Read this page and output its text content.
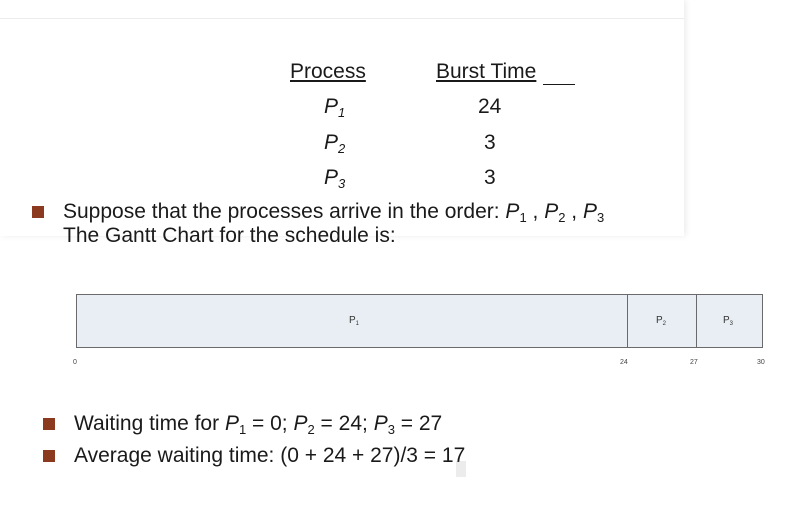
Process	Burst Time
$P_1$	24
$P_2$	3
$P_3$	3
Suppose that the processes arrive in the order: $P_1$ , $P_2$ , $P_3$
The Gantt Chart for the schedule is:
$P_1$	$P_2$	$P_3$
0	24	27	30
Waiting time for $P_1 = 0$; $P_2 = 24$; $P_3 = 27$
Average waiting time: (0 + 24 + 27)/3 = 17
